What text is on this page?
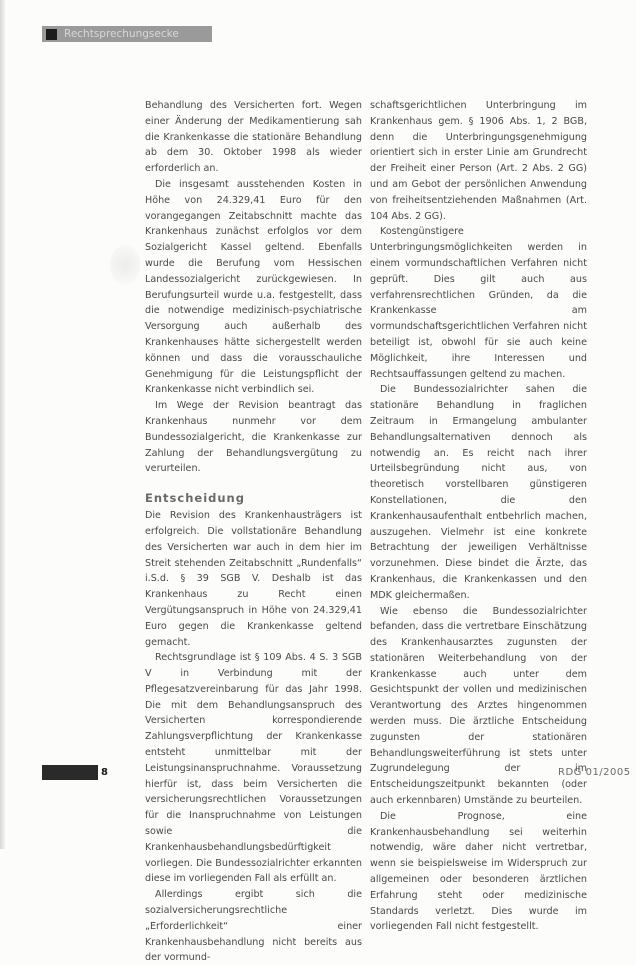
Rechtsprechungsecke

Behandlung des Versicherten fort. Wegen einer Änderung der Medikamentierung sah die Krankenkasse die stationäre Behandlung ab dem 30. Oktober 1998 als wieder erforderlich an.

Die insgesamt ausstehenden Kosten in Höhe von 24.329,41 Euro für den vorangegangen Zeitabschnitt machte das Krankenhaus zunächst erfolglos vor dem Sozialgericht Kassel geltend. Ebenfalls wurde die Berufung vom Hessischen Landessozialgericht zurückgewiesen. In Berufungsurteil wurde u.a. festgestellt, dass die notwendige medizinisch-psychiatrische Versorgung auch außerhalb des Krankenhauses hätte sichergestellt werden können und dass die vorausschauliche Genehmigung für die Leistungspflicht der Krankenkasse nicht verbindlich sei.

Im Wege der Revision beantragt das Krankenhaus nunmehr vor dem Bundessozialgericht, die Krankenkasse zur Zahlung der Behandlungsvergütung zu verurteilen.

Entscheidung

Die Revision des Krankenhausträgers ist erfolgreich. Die vollstationäre Behandlung des Versicherten war auch in dem hier im Streit stehenden Zeitabschnitt „Rundenfalls“ i.S.d. § 39 SGB V. Deshalb ist das Krankenhaus zu Recht einen Vergütungsanspruch in Höhe von 24.329,41 Euro gegen die Krankenkasse geltend gemacht.

Rechtsgrundlage ist § 109 Abs. 4 S. 3 SGB V in Verbindung mit der Pflegesatzvereinbarung für das Jahr 1998. Die mit dem Behandlungsanspruch des Versicherten korrespondierende Zahlungsverpflichtung der Krankenkasse entsteht unmittelbar mit der Leistungsinanspruchnahme. Voraussetzung hierfür ist, dass beim Versicherten die versicherungsrechtlichen Voraussetzungen für die Inanspruchnahme von Leistungen sowie die Krankenhausbehandlungsbedürftigkeit vorliegen. Die Bundessozialrichter erkannten diese im vorliegenden Fall als erfüllt an.

Allerdings ergibt sich die sozialversicherungsrechtliche „Erforderlichkeit“ einer Krankenhausbehandlung nicht bereits aus der vormund-

schaftsgerichtlichen Unterbringung im Krankenhaus gem. § 1906 Abs. 1, 2 BGB, denn die Unterbringungsgenehmigung orientiert sich in erster Linie am Grundrecht der Freiheit einer Person (Art. 2 Abs. 2 GG) und am Gebot der persönlichen Anwendung von freiheitsentziehenden Maßnahmen (Art. 104 Abs. 2 GG).

Kostengünstigere Unterbringungsmöglichkeiten werden in einem vormundschaftlichen Verfahren nicht geprüft. Dies gilt auch aus verfahrensrechtlichen Gründen, da die Krankenkasse am vormundschaftsgerichtlichen Verfahren nicht beteiligt ist, obwohl für sie auch keine Möglichkeit, ihre Interessen und Rechtsauffassungen geltend zu machen.

Die Bundessozialrichter sahen die stationäre Behandlung in fraglichen Zeitraum in Ermangelung ambulanter Behandlungsalternativen dennoch als notwendig an. Es reicht nach ihrer Urteilsbegründung nicht aus, von theoretisch vorstellbaren günstigeren Konstellationen, die den Krankenhausaufenthalt entbehrlich machen, auszugehen. Vielmehr ist eine konkrete Betrachtung der jeweiligen Verhältnisse vorzunehmen. Diese bindet die Ärzte, das Krankenhaus, die Krankenkassen und den MDK gleichermaßen.

Wie ebenso die Bundessozialrichter befanden, dass die vertretbare Einschätzung des Krankenhausarztes zugunsten der stationären Weiterbehandlung von der Krankenkasse auch unter dem Gesichtspunkt der vollen und medizinischen Verantwortung des Arztes hingenommen werden muss. Die ärztliche Entscheidung zugunsten der stationären Behandlungsweiterführung ist stets unter Zugrundelegung der im Entscheidungszeitpunkt bekannten (oder auch erkennbaren) Umstände zu beurteilen.

Die Prognose, eine Krankenhausbehandlung sei weiterhin notwendig, wäre daher nicht vertretbar, wenn sie beispielsweise im Widerspruch zur allgemeinen oder besonderen ärztlichen Erfahrung steht oder medizinische Standards verletzt. Dies wurde im vorliegenden Fall nicht festgestellt.

8	RDG 01/2005
